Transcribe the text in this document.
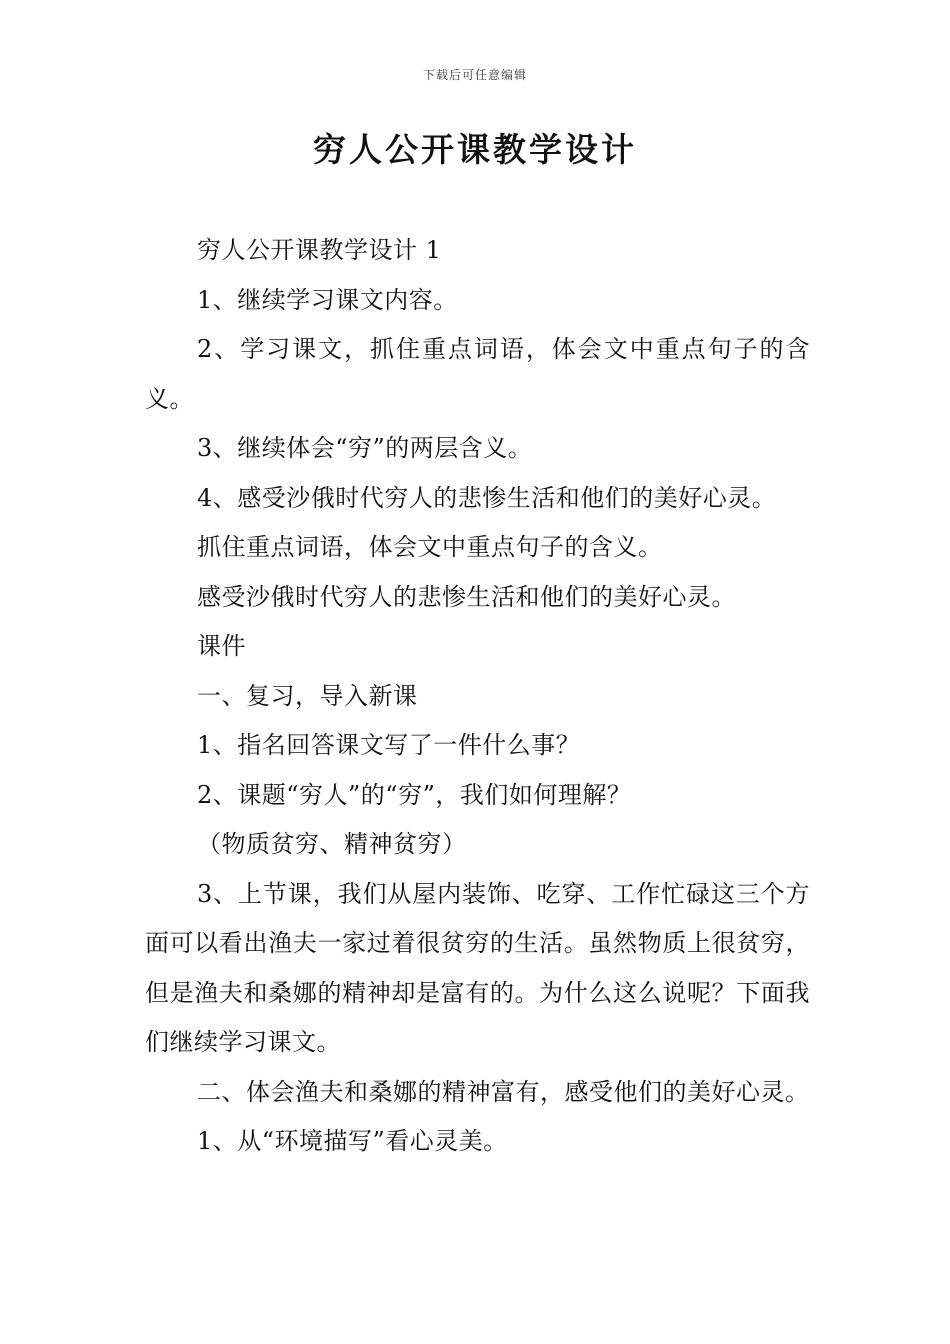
下载后可任意编辑
穷人公开课教学设计

穷人公开课教学设计 1

1、继续学习课文内容。

2、学习课文，抓住重点词语，体会文中重点句子的含义。

3、继续体会“穷”的两层含义。

4、感受沙俄时代穷人的悲惨生活和他们的美好心灵。

抓住重点词语，体会文中重点句子的含义。

感受沙俄时代穷人的悲惨生活和他们的美好心灵。

课件

一、复习，导入新课

1、指名回答课文写了一件什么事？

2、课题“穷人”的“穷”，我们如何理解？

（物质贫穷、精神贫穷）

3、上节课，我们从屋内装饰、吃穿、工作忙碌这三个方面可以看出渔夫一家过着很贫穷的生活。虽然物质上很贫穷，但是渔夫和桑娜的精神却是富有的。为什么这么说呢？下面我们继续学习课文。

二、体会渔夫和桑娜的精神富有，感受他们的美好心灵。

1、从“环境描写”看心灵美。
